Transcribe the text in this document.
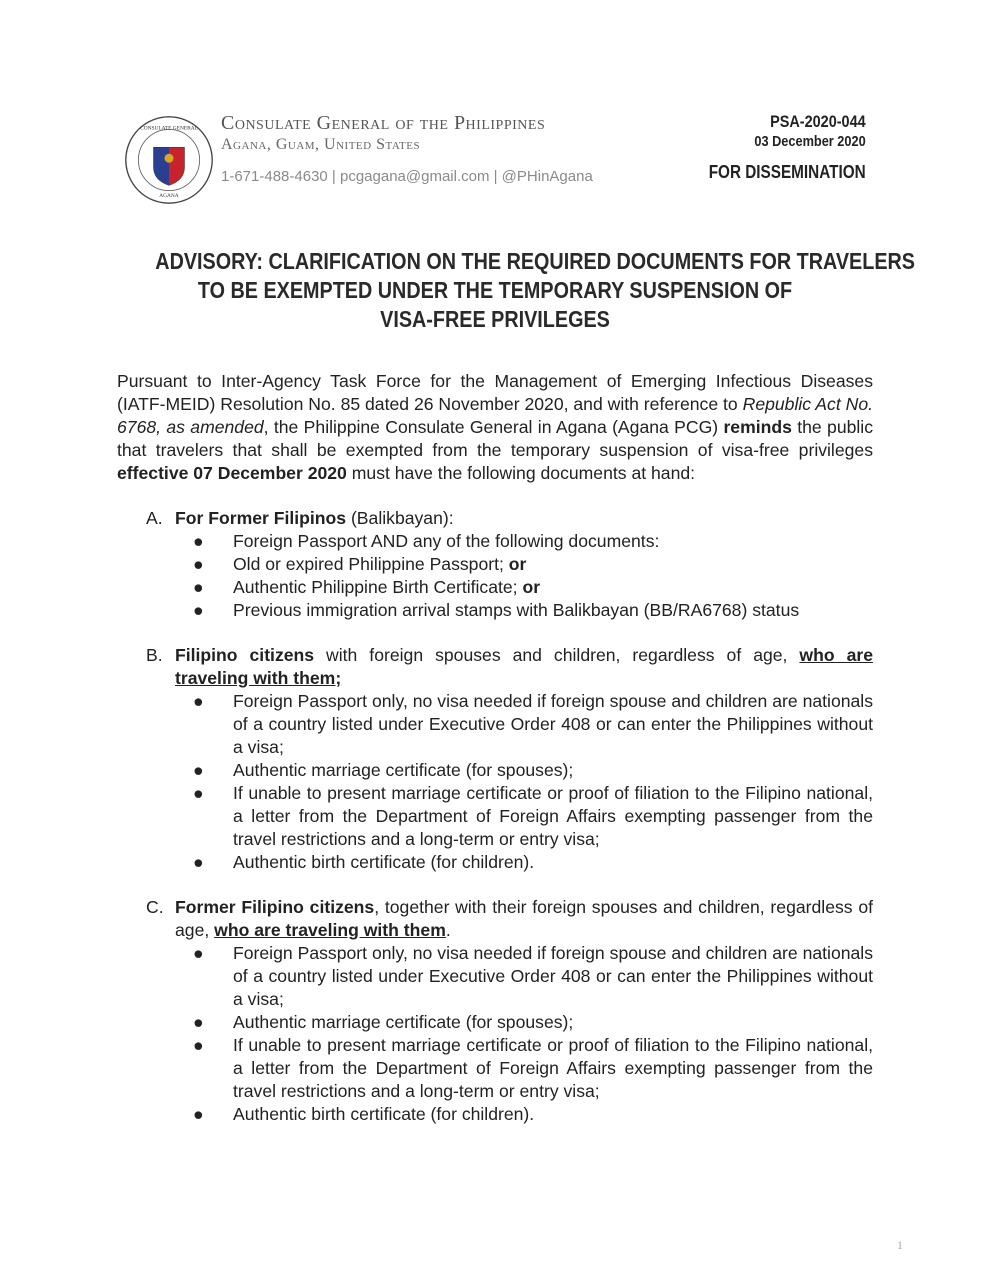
CONSULATE GENERAL
AGANA
Consulate General of the Philippines
Agana, Guam, United States
1-671-488-4630 | pcgagana@gmail.com | @PHinAgana
PSA-2020-044
03 December 2020
FOR DISSEMINATION
ADVISORY: CLARIFICATION ON THE REQUIRED DOCUMENTS FOR TRAVELERS
TO BE EXEMPTED UNDER THE TEMPORARY SUSPENSION OF
VISA-FREE PRIVILEGES

Pursuant to Inter-Agency Task Force for the Management of Emerging Infectious Diseases (IATF-MEID) Resolution No. 85 dated 26 November 2020, and with reference to Republic Act No. 6768, as amended, the Philippine Consulate General in Agana (Agana PCG) reminds the public that travelers that shall be exempted from the temporary suspension of visa-free privileges effective 07 December 2020 must have the following documents at hand:

A. For Former Filipinos (Balikbayan):
● Foreign Passport AND any of the following documents:
● Old or expired Philippine Passport; or
● Authentic Philippine Birth Certificate; or
● Previous immigration arrival stamps with Balikbayan (BB/RA6768) status
B. Filipino citizens with foreign spouses and children, regardless of age, who are traveling with them;
● Foreign Passport only, no visa needed if foreign spouse and children are nationals of a country listed under Executive Order 408 or can enter the Philippines without a visa;
● Authentic marriage certificate (for spouses);
● If unable to present marriage certificate or proof of filiation to the Filipino national, a letter from the Department of Foreign Affairs exempting passenger from the travel restrictions and a long-term or entry visa;
● Authentic birth certificate (for children).
C. Former Filipino citizens, together with their foreign spouses and children, regardless of age, who are traveling with them.
● Foreign Passport only, no visa needed if foreign spouse and children are nationals of a country listed under Executive Order 408 or can enter the Philippines without a visa;
● Authentic marriage certificate (for spouses);
● If unable to present marriage certificate or proof of filiation to the Filipino national, a letter from the Department of Foreign Affairs exempting passenger from the travel restrictions and a long-term or entry visa;
● Authentic birth certificate (for children).
1
